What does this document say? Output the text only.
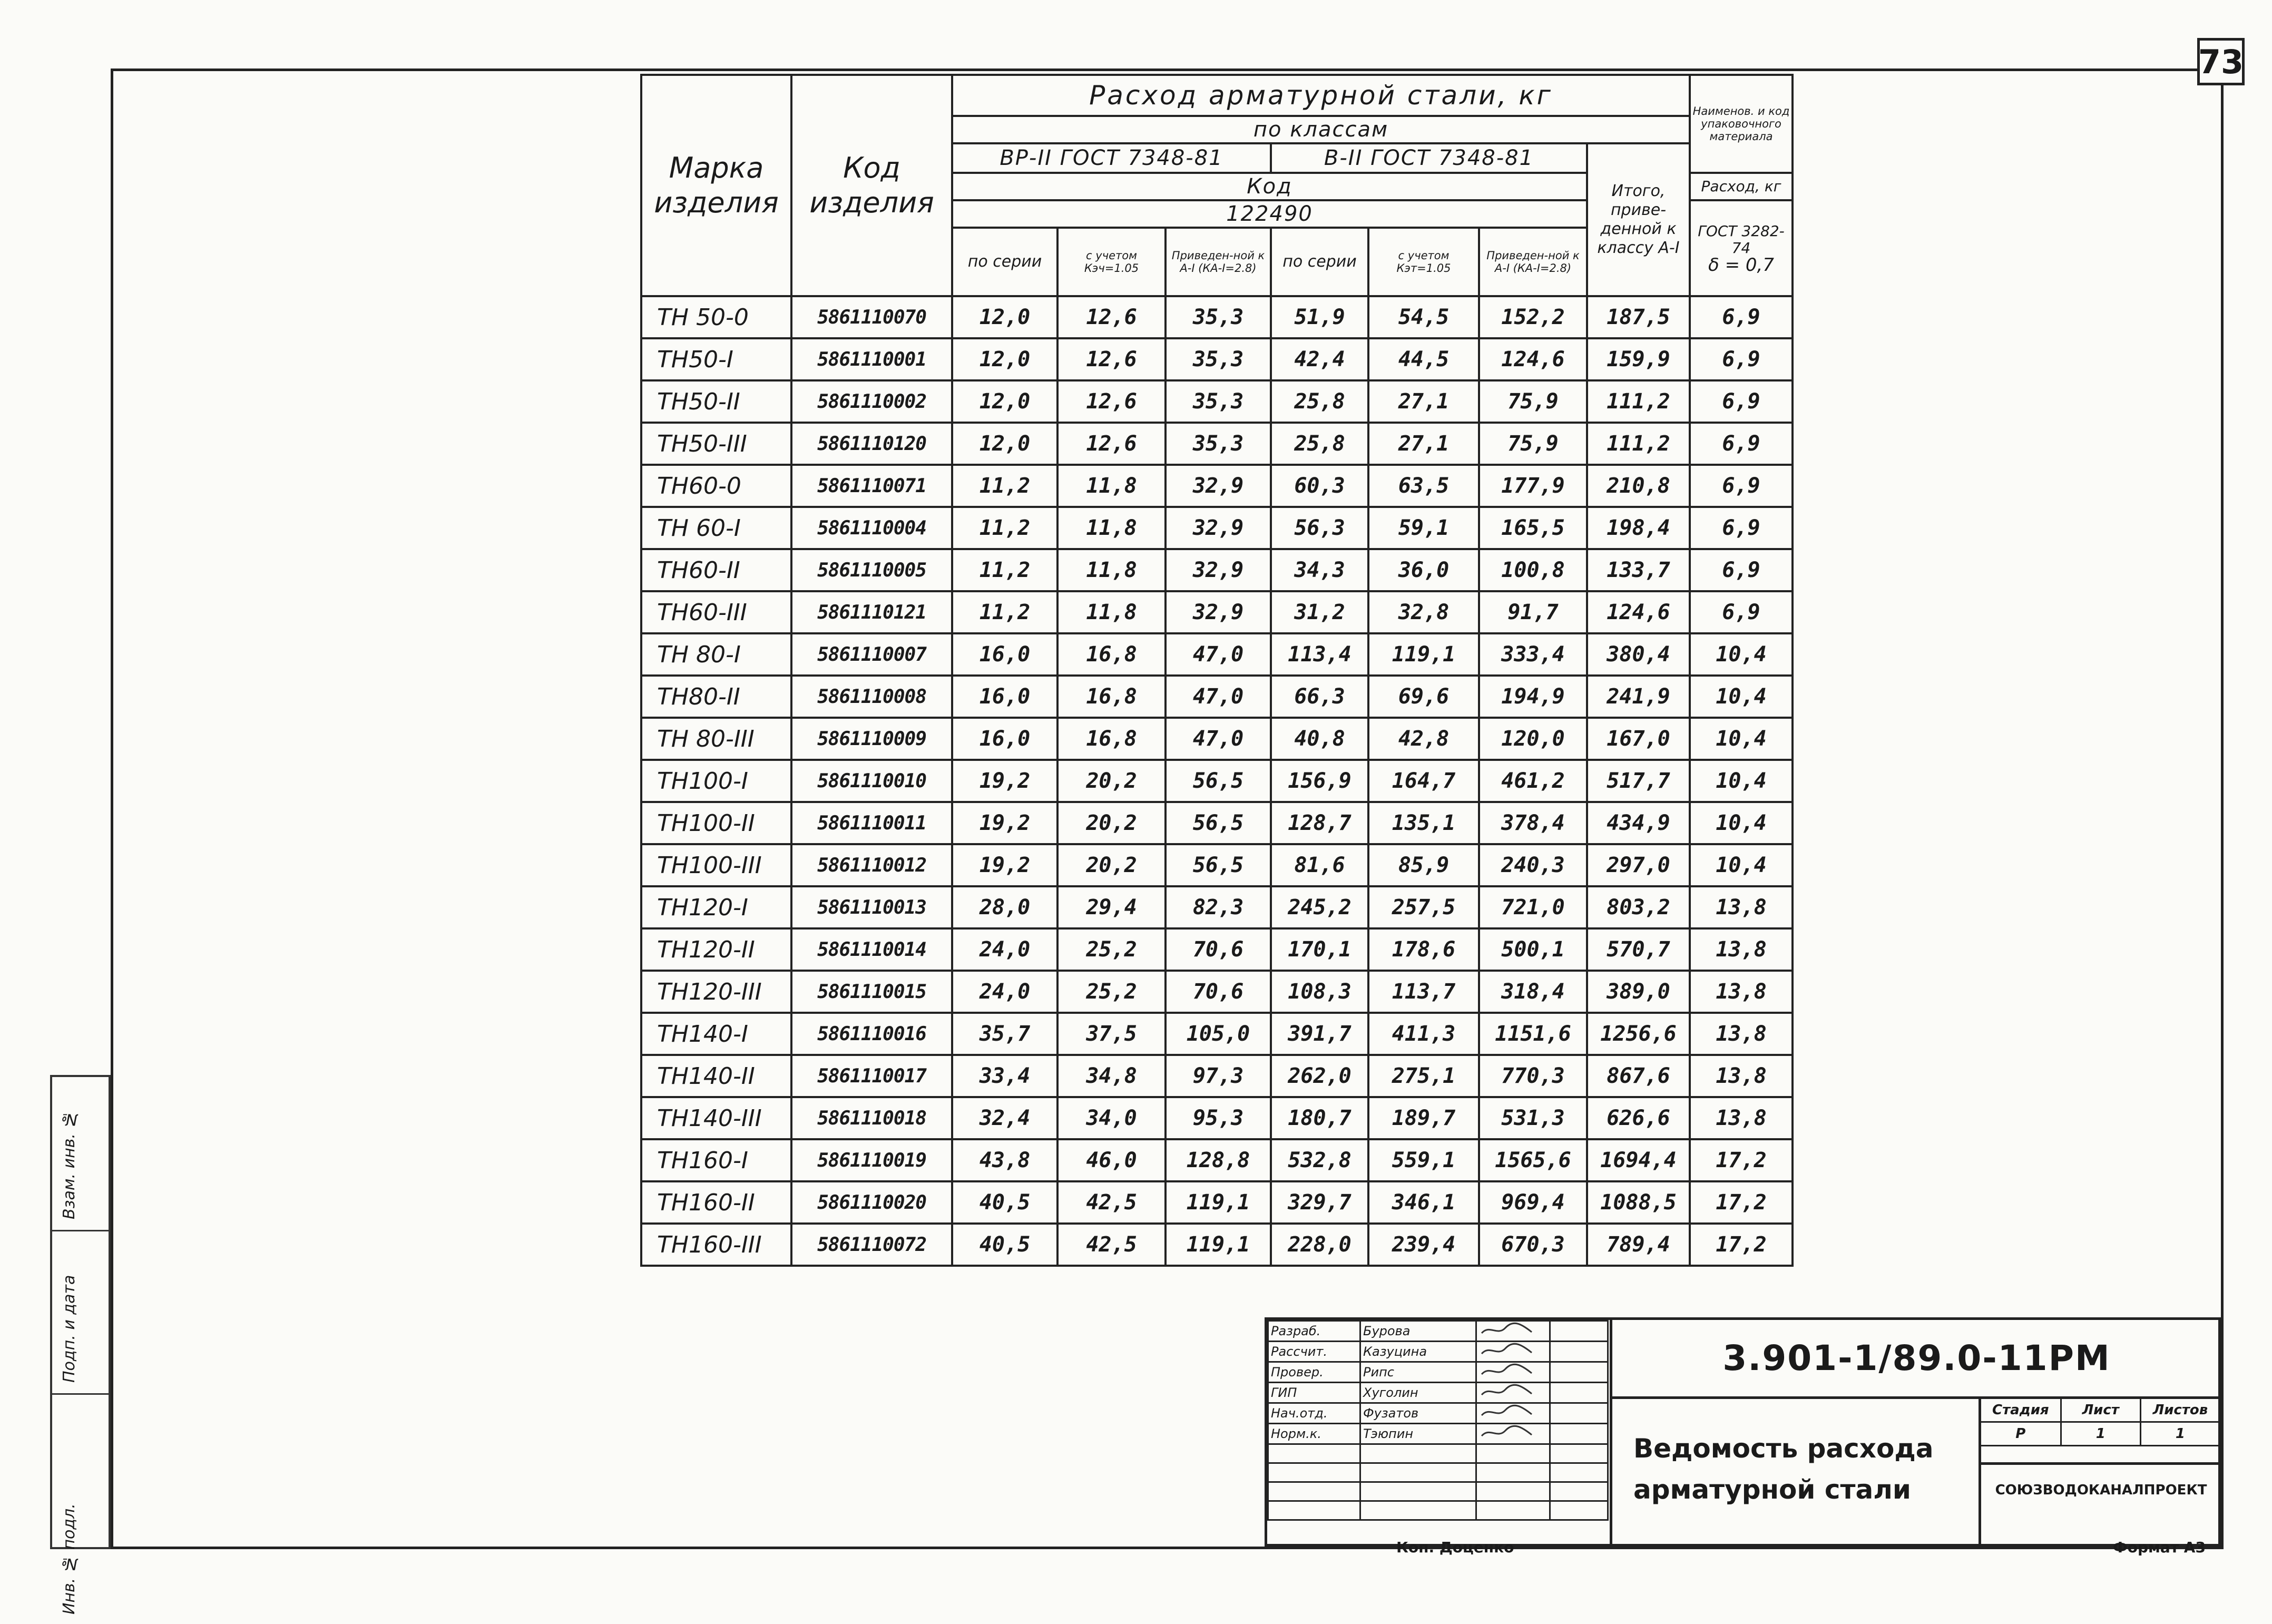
Инв. № подл.
Подп. и дата
Взам. инв. №
73
Марка изделия	Код изделия	Расход арматурной стали, кг							Наименов. и код упаковочного материала
		по классам							
		ВР-II ГОСТ 7348-81			В-II ГОСТ 7348-81			Итого, приве-денной к классу А-I	
		Код							Расход, кг
		122490							ГОСТ 3282-74
δ = 0,7

		по серии	с учетом Кэч=1.05	Приведен-ной к А-I (КА-I=2.8)	по серии	с учетом Кэт=1.05	Приведен-ной к А-I (КА-I=2.8)		
ТН 50-0	5861110070	12,0	12,6	35,3	51,9	54,5	152,2	187,5	6,9
ТН50-I	5861110001	12,0	12,6	35,3	42,4	44,5	124,6	159,9	6,9
ТН50-II	5861110002	12,0	12,6	35,3	25,8	27,1	75,9	111,2	6,9
ТН50-III	5861110120	12,0	12,6	35,3	25,8	27,1	75,9	111,2	6,9
ТН60-0	5861110071	11,2	11,8	32,9	60,3	63,5	177,9	210,8	6,9
ТН 60-I	5861110004	11,2	11,8	32,9	56,3	59,1	165,5	198,4	6,9
ТН60-II	5861110005	11,2	11,8	32,9	34,3	36,0	100,8	133,7	6,9
ТН60-III	5861110121	11,2	11,8	32,9	31,2	32,8	91,7	124,6	6,9
ТН 80-I	5861110007	16,0	16,8	47,0	113,4	119,1	333,4	380,4	10,4
ТН80-II	5861110008	16,0	16,8	47,0	66,3	69,6	194,9	241,9	10,4
ТН 80-III	5861110009	16,0	16,8	47,0	40,8	42,8	120,0	167,0	10,4
ТН100-I	5861110010	19,2	20,2	56,5	156,9	164,7	461,2	517,7	10,4
ТН100-II	5861110011	19,2	20,2	56,5	128,7	135,1	378,4	434,9	10,4
ТН100-III	5861110012	19,2	20,2	56,5	81,6	85,9	240,3	297,0	10,4
ТН120-I	5861110013	28,0	29,4	82,3	245,2	257,5	721,0	803,2	13,8
ТН120-II	5861110014	24,0	25,2	70,6	170,1	178,6	500,1	570,7	13,8
ТН120-III	5861110015	24,0	25,2	70,6	108,3	113,7	318,4	389,0	13,8
ТН140-I	5861110016	35,7	37,5	105,0	391,7	411,3	1151,6	1256,6	13,8
ТН140-II	5861110017	33,4	34,8	97,3	262,0	275,1	770,3	867,6	13,8
ТН140-III	5861110018	32,4	34,0	95,3	180,7	189,7	531,3	626,6	13,8
ТН160-I	5861110019	43,8	46,0	128,8	532,8	559,1	1565,6	1694,4	17,2
ТН160-II	5861110020	40,5	42,5	119,1	329,7	346,1	969,4	1088,5	17,2
ТН160-III	5861110072	40,5	42,5	119,1	228,0	239,4	670,3	789,4	17,2
Разраб.	Бурова		
Рассчит.	Казуцина		
Провер.	Рипс		
ГИП	Хуголин		
Нач.отд.	Фузатов		
Норм.к.	Тэюпин		

3.901-1/89.0-11РМ
Ведомость расхода
арматурной стали
Стадия	Лист	Листов
Р	1	1
СОЮЗВОДОКАНАЛПРОЕКТ
Коп. Доценко	Формат А3
